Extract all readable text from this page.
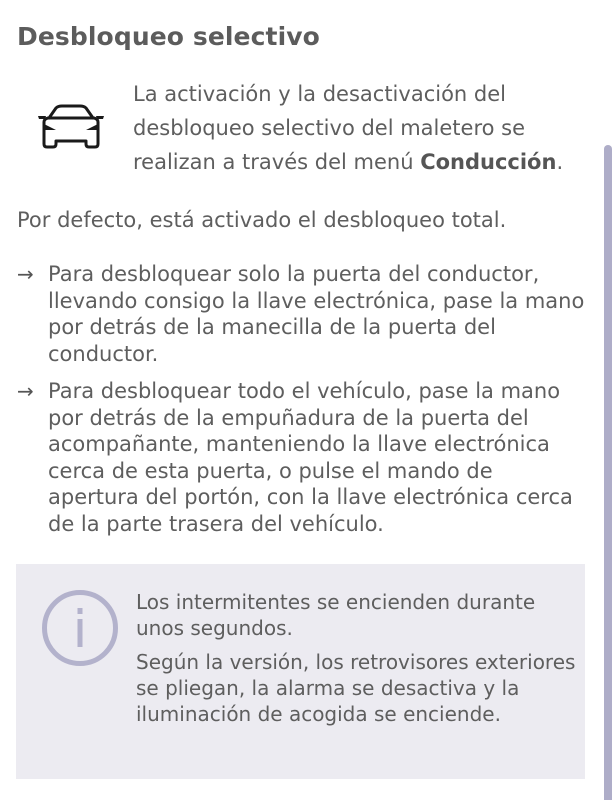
Desbloqueo selectivo
La activación y la desactivación del desbloqueo selectivo del maletero se realizan a través del menú Conducción.
Por defecto, está activado el desbloqueo total.
→ Para desbloquear solo la puerta del conductor, llevando consigo la llave electrónica, pase la mano por detrás de la manecilla de la puerta del conductor.
→ Para desbloquear todo el vehículo, pase la mano por detrás de la empuñadura de la puerta del acompañante, manteniendo la llave electrónica cerca de esta puerta, o pulse el mando de apertura del portón, con la llave electrónica cerca de la parte trasera del vehículo.

Los intermitentes se encienden durante unos segundos.

Según la versión, los retrovisores exteriores se pliegan, la alarma se desactiva y la iluminación de acogida se enciende.
